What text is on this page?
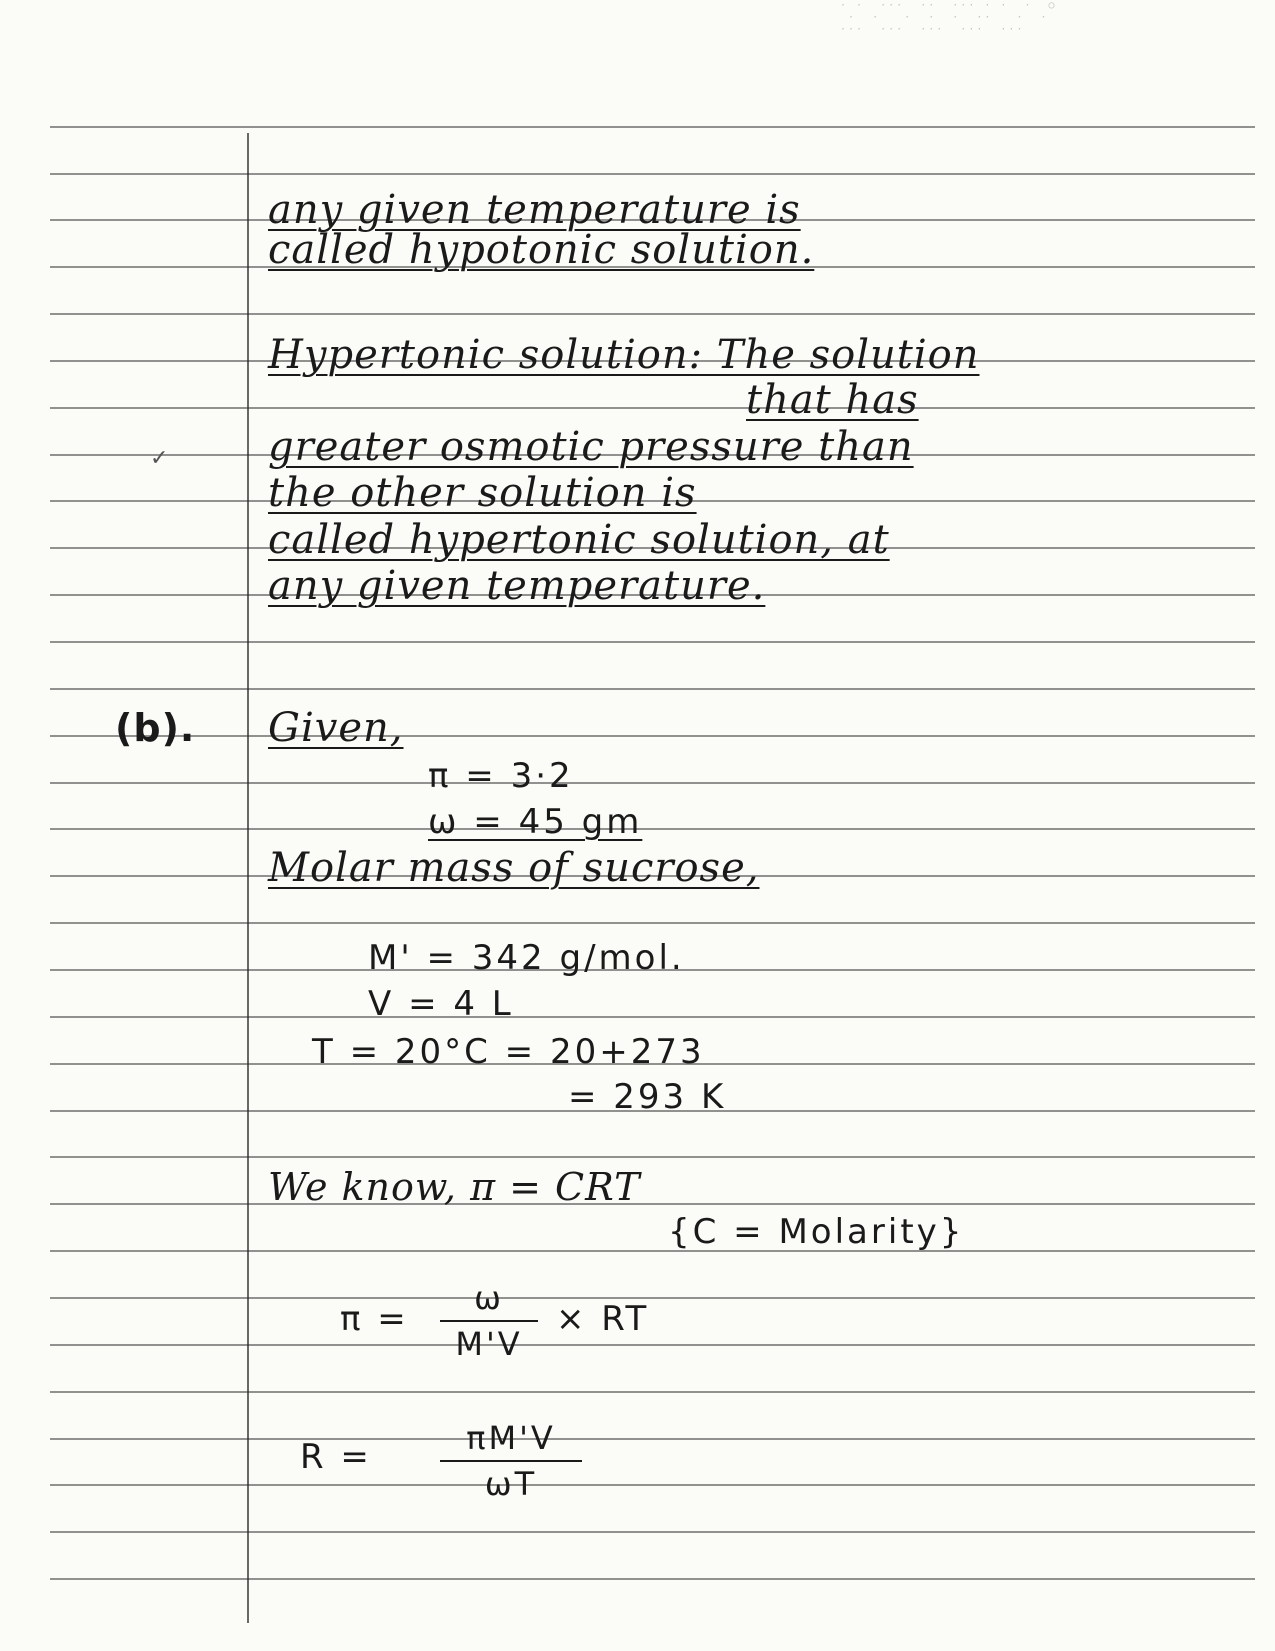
· ·  ···  ··  ··· · ·  ·  ○
·  ·   ·  ·  ·  ··   ·  ·
···  ···  ···  ···  ···
✓
any given temperature is
called hypotonic solution.
Hypertonic solution: The solution
that has
greater osmotic pressure than
the other solution is
called hypertonic solution, at
any given temperature.
(b). Given,
π = 3·2
ω = 45 gm
Molar mass of sucrose,
M' = 342 g/mol.
V = 4 L
T = 20°C = 20+273
= 293 K
We know, π = CRT
{C = Molarity}
π =
ω
M'V
× RT
R =	πM'V
ωT
